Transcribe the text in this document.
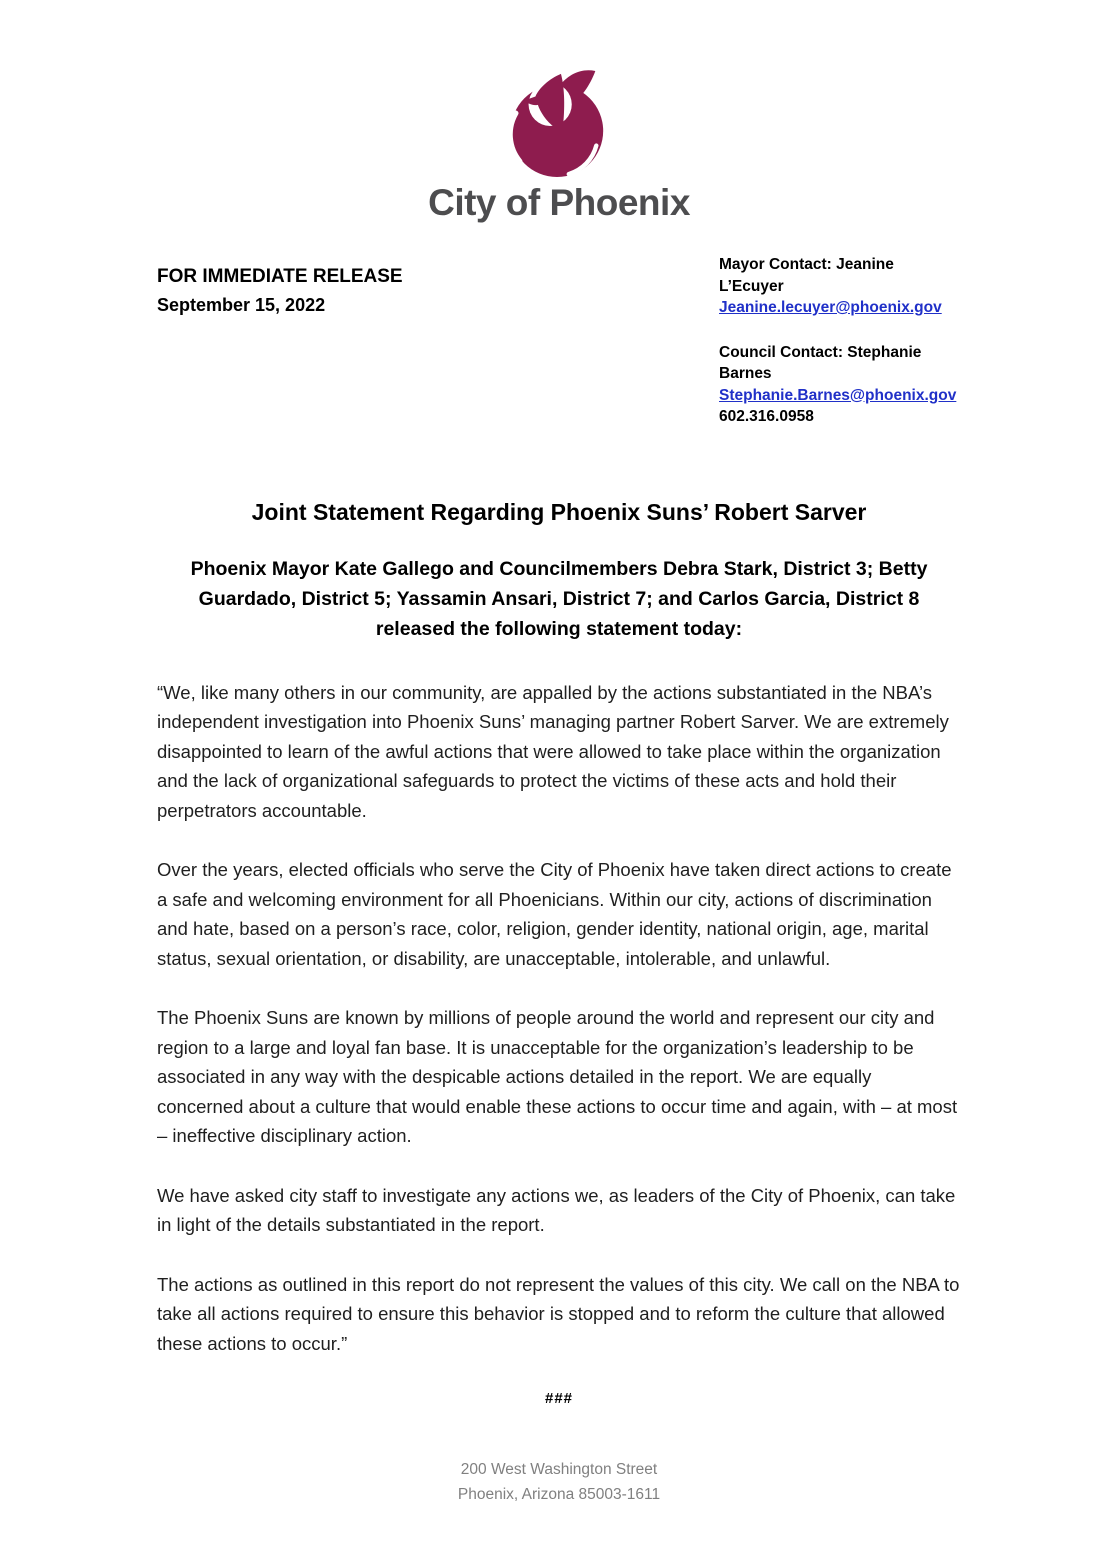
City of Phoenix
FOR IMMEDIATE RELEASE
September 15, 2022
Mayor Contact: Jeanine L’Ecuyer
Jeanine.lecuyer@phoenix.gov
Council Contact: Stephanie Barnes
Stephanie.Barnes@phoenix.gov
602.316.0958
Joint Statement Regarding Phoenix Suns’ Robert Sarver
Phoenix Mayor Kate Gallego and Councilmembers Debra Stark, District 3; Betty Guardado, District 5; Yassamin Ansari, District 7; and Carlos Garcia, District 8 released the following statement today:

“We, like many others in our community, are appalled by the actions substantiated in the NBA’s independent investigation into Phoenix Suns’ managing partner Robert Sarver. We are extremely disappointed to learn of the awful actions that were allowed to take place within the organization and the lack of organizational safeguards to protect the victims of these acts and hold their perpetrators accountable.

Over the years, elected officials who serve the City of Phoenix have taken direct actions to create a safe and welcoming environment for all Phoenicians. Within our city, actions of discrimination and hate, based on a person’s race, color, religion, gender identity, national origin, age, marital status, sexual orientation, or disability, are unacceptable, intolerable, and unlawful.

The Phoenix Suns are known by millions of people around the world and represent our city and region to a large and loyal fan base. It is unacceptable for the organization’s leadership to be associated in any way with the despicable actions detailed in the report. We are equally concerned about a culture that would enable these actions to occur time and again, with – at most – ineffective disciplinary action.

We have asked city staff to investigate any actions we, as leaders of the City of Phoenix, can take in light of the details substantiated in the report.

The actions as outlined in this report do not represent the values of this city. We call on the NBA to take all actions required to ensure this behavior is stopped and to reform the culture that allowed these actions to occur.”

###
200 West Washington Street
Phoenix, Arizona 85003-1611
